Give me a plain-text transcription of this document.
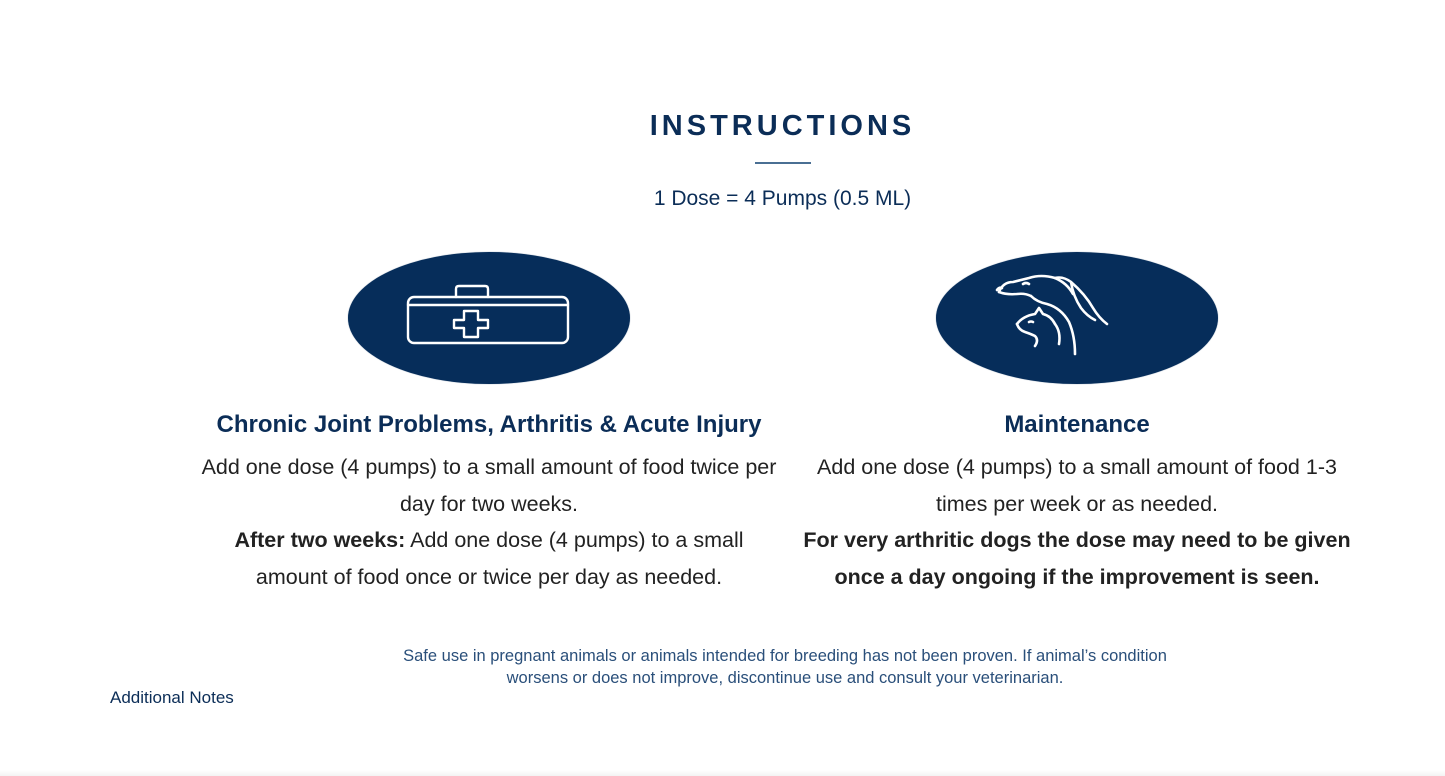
INSTRUCTIONS
1 Dose = 4 Pumps (0.5 ML)
Chronic Joint Problems, Arthritis & Acute Injury

Add one dose (4 pumps) to a small amount of food twice per day for two weeks.

After two weeks: Add one dose (4 pumps) to a small amount of food once or twice per day as needed.

Maintenance

Add one dose (4 pumps) to a small amount of food 1-3 times per week or as needed.

For very arthritic dogs the dose may need to be given once a day ongoing if the improvement is seen.

Safe use in pregnant animals or animals intended for breeding has not been proven. If animal’s condition worsens or does not improve, discontinue use and consult your veterinarian.
Additional Notes
